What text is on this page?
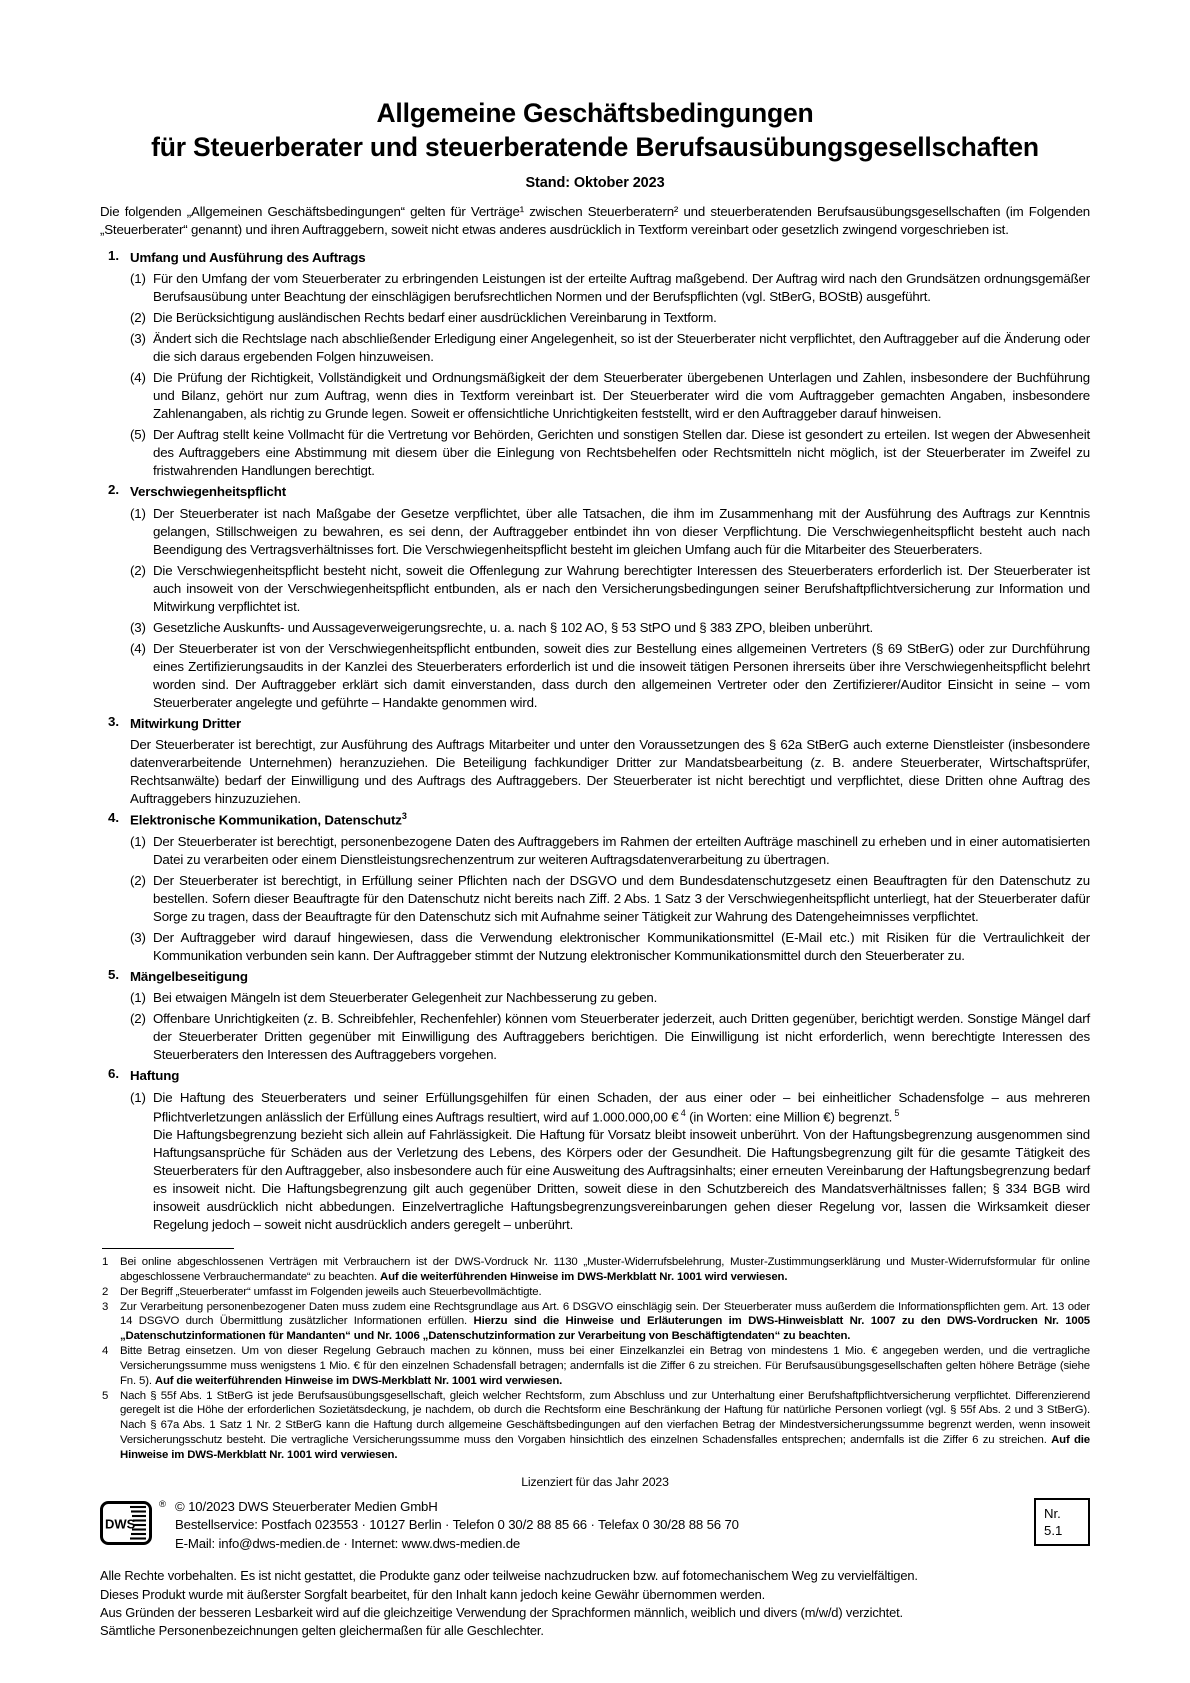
Allgemeine Geschäftsbedingungen
für Steuerberater und steuerberatende Berufsausübungsgesellschaften
Stand: Oktober 2023

Die folgenden „Allgemeinen Geschäftsbedingungen“ gelten für Verträge¹ zwischen Steuerberatern² und steuerberatenden Berufsausübungsgesellschaften (im Folgenden „Steuerberater“ genannt) und ihren Auftraggebern, soweit nicht etwas anderes ausdrücklich in Textform vereinbart oder gesetzlich zwingend vorgeschrieben ist.

1. Umfang und Ausführung des Auftrags
(1) Für den Umfang der vom Steuerberater zu erbringenden Leistungen ist der erteilte Auftrag maßgebend. Der Auftrag wird nach den Grundsätzen ordnungsgemäßer Berufsausübung unter Beachtung der einschlägigen berufsrechtlichen Normen und der Berufspflichten (vgl. StBerG, BOStB) ausgeführt.
(2) Die Berücksichtigung ausländischen Rechts bedarf einer ausdrücklichen Vereinbarung in Textform.
(3) Ändert sich die Rechtslage nach abschließender Erledigung einer Angelegenheit, so ist der Steuerberater nicht verpflichtet, den Auftraggeber auf die Änderung oder die sich daraus ergebenden Folgen hinzuweisen.
(4) Die Prüfung der Richtigkeit, Vollständigkeit und Ordnungsmäßigkeit der dem Steuerberater übergebenen Unterlagen und Zahlen, insbesondere der Buchführung und Bilanz, gehört nur zum Auftrag, wenn dies in Textform vereinbart ist. Der Steuerberater wird die vom Auftraggeber gemachten Angaben, insbesondere Zahlenangaben, als richtig zu Grunde legen. Soweit er offensichtliche Unrichtigkeiten feststellt, wird er den Auftraggeber darauf hinweisen.
(5) Der Auftrag stellt keine Vollmacht für die Vertretung vor Behörden, Gerichten und sonstigen Stellen dar. Diese ist gesondert zu erteilen. Ist wegen der Abwesenheit des Auftraggebers eine Abstimmung mit diesem über die Einlegung von Rechtsbehelfen oder Rechtsmitteln nicht möglich, ist der Steuerberater im Zweifel zu fristwahrenden Handlungen berechtigt.
2. Verschwiegenheitspflicht
(1) Der Steuerberater ist nach Maßgabe der Gesetze verpflichtet, über alle Tatsachen, die ihm im Zusammenhang mit der Ausführung des Auftrags zur Kenntnis gelangen, Stillschweigen zu bewahren, es sei denn, der Auftraggeber entbindet ihn von dieser Verpflichtung. Die Verschwiegenheitspflicht besteht auch nach Beendigung des Vertragsverhältnisses fort. Die Verschwiegenheitspflicht besteht im gleichen Umfang auch für die Mitarbeiter des Steuerberaters.
(2) Die Verschwiegenheitspflicht besteht nicht, soweit die Offenlegung zur Wahrung berechtigter Interessen des Steuerberaters erforderlich ist. Der Steuerberater ist auch insoweit von der Verschwiegenheitspflicht entbunden, als er nach den Versicherungsbedingungen seiner Berufshaftpflichtversicherung zur Information und Mitwirkung verpflichtet ist.
(3) Gesetzliche Auskunfts- und Aussageverweigerungsrechte, u. a. nach § 102 AO, § 53 StPO und § 383 ZPO, bleiben unberührt.
(4) Der Steuerberater ist von der Verschwiegenheitspflicht entbunden, soweit dies zur Bestellung eines allgemeinen Vertreters (§ 69 StBerG) oder zur Durchführung eines Zertifizierungsaudits in der Kanzlei des Steuerberaters erforderlich ist und die insoweit tätigen Personen ihrerseits über ihre Verschwiegenheitspflicht belehrt worden sind. Der Auftraggeber erklärt sich damit einverstanden, dass durch den allgemeinen Vertreter oder den Zertifizierer/Auditor Einsicht in seine – vom Steuerberater angelegte und geführte – Handakte genommen wird.
3. Mitwirkung Dritter
Der Steuerberater ist berechtigt, zur Ausführung des Auftrags Mitarbeiter und unter den Voraussetzungen des § 62a StBerG auch externe Dienstleister (insbesondere datenverarbeitende Unternehmen) heranzuziehen. Die Beteiligung fachkundiger Dritter zur Mandatsbearbeitung (z. B. andere Steuerberater, Wirtschaftsprüfer, Rechtsanwälte) bedarf der Einwilligung und des Auftrags des Auftraggebers. Der Steuerberater ist nicht berechtigt und verpflichtet, diese Dritten ohne Auftrag des Auftraggebers hinzuzuziehen.
4. Elektronische Kommunikation, Datenschutz$^3$
(1) Der Steuerberater ist berechtigt, personenbezogene Daten des Auftraggebers im Rahmen der erteilten Aufträge maschinell zu erheben und in einer automatisierten Datei zu verarbeiten oder einem Dienstleistungsrechenzentrum zur weiteren Auftragsdatenverarbeitung zu übertragen.
(2) Der Steuerberater ist berechtigt, in Erfüllung seiner Pflichten nach der DSGVO und dem Bundesdatenschutzgesetz einen Beauftragten für den Datenschutz zu bestellen. Sofern dieser Beauftragte für den Datenschutz nicht bereits nach Ziff. 2 Abs. 1 Satz 3 der Verschwiegenheitspflicht unterliegt, hat der Steuerberater dafür Sorge zu tragen, dass der Beauftragte für den Datenschutz sich mit Aufnahme seiner Tätigkeit zur Wahrung des Datengeheimnisses verpflichtet.
(3) Der Auftraggeber wird darauf hingewiesen, dass die Verwendung elektronischer Kommunikationsmittel (E-Mail etc.) mit Risiken für die Vertraulichkeit der Kommunikation verbunden sein kann. Der Auftraggeber stimmt der Nutzung elektronischer Kommunikationsmittel durch den Steuerberater zu.
5. Mängelbeseitigung
(1) Bei etwaigen Mängeln ist dem Steuerberater Gelegenheit zur Nachbesserung zu geben.
(2) Offenbare Unrichtigkeiten (z. B. Schreibfehler, Rechenfehler) können vom Steuerberater jederzeit, auch Dritten gegenüber, berichtigt werden. Sonstige Mängel darf der Steuerberater Dritten gegenüber mit Einwilligung des Auftraggebers berichtigen. Die Einwilligung ist nicht erforderlich, wenn berechtigte Interessen des Steuerberaters den Interessen des Auftraggebers vorgehen.
6. Haftung
(1) Die Haftung des Steuerberaters und seiner Erfüllungsgehilfen für einen Schaden, der aus einer oder – bei einheitlicher Schadensfolge – aus mehreren Pflichtverletzungen anlässlich der Erfüllung eines Auftrags resultiert, wird auf 1.000.000,00 € $^4$ (in Worten: eine Million €) begrenzt. $^5$
Die Haftungsbegrenzung bezieht sich allein auf Fahrlässigkeit. Die Haftung für Vorsatz bleibt insoweit unberührt. Von der Haftungsbegrenzung ausgenommen sind Haftungsansprüche für Schäden aus der Verletzung des Lebens, des Körpers oder der Gesundheit. Die Haftungsbegrenzung gilt für die gesamte Tätigkeit des Steuerberaters für den Auftraggeber, also insbesondere auch für eine Ausweitung des Auftragsinhalts; einer erneuten Vereinbarung der Haftungsbegrenzung bedarf es insoweit nicht. Die Haftungsbegrenzung gilt auch gegenüber Dritten, soweit diese in den Schutzbereich des Mandatsverhältnisses fallen; § 334 BGB wird insoweit ausdrücklich nicht abbedungen. Einzelvertragliche Haftungsbegrenzungsvereinbarungen gehen dieser Regelung vor, lassen die Wirksamkeit dieser Regelung jedoch – soweit nicht ausdrücklich anders geregelt – unberührt.
1 Bei online abgeschlossenen Verträgen mit Verbrauchern ist der DWS-Vordruck Nr. 1130 „Muster-Widerrufsbelehrung, Muster-Zustimmungserklärung und Muster-Widerrufsformular für online abgeschlossene Verbrauchermandate“ zu beachten. Auf die weiterführenden Hinweise im DWS-Merkblatt Nr. 1001 wird verwiesen.
2 Der Begriff „Steuerberater“ umfasst im Folgenden jeweils auch Steuerbevollmächtigte.
3 Zur Verarbeitung personenbezogener Daten muss zudem eine Rechtsgrundlage aus Art. 6 DSGVO einschlägig sein. Der Steuerberater muss außerdem die Informationspflichten gem. Art. 13 oder 14 DSGVO durch Übermittlung zusätzlicher Informationen erfüllen. Hierzu sind die Hinweise und Erläuterungen im DWS-Hinweisblatt Nr. 1007 zu den DWS-Vordrucken Nr. 1005 „Datenschutzinformationen für Mandanten“ und Nr. 1006 „Datenschutzinformation zur Verarbeitung von Beschäftigtendaten“ zu beachten.
4 Bitte Betrag einsetzen. Um von dieser Regelung Gebrauch machen zu können, muss bei einer Einzelkanzlei ein Betrag von mindestens 1 Mio. € angegeben werden, und die vertragliche Versicherungssumme muss wenigstens 1 Mio. € für den einzelnen Schadensfall betragen; andernfalls ist die Ziffer 6 zu streichen. Für Berufsausübungsgesellschaften gelten höhere Beträge (siehe Fn. 5). Auf die weiterführenden Hinweise im DWS-Merkblatt Nr. 1001 wird verwiesen.
5 Nach § 55f Abs. 1 StBerG ist jede Berufsausübungsgesellschaft, gleich welcher Rechtsform, zum Abschluss und zur Unterhaltung einer Berufshaftpflichtversicherung verpflichtet. Differenzierend geregelt ist die Höhe der erforderlichen Sozietätsdeckung, je nachdem, ob durch die Rechtsform eine Beschränkung der Haftung für natürliche Personen vorliegt (vgl. § 55f Abs. 2 und 3 StBerG). Nach § 67a Abs. 1 Satz 1 Nr. 2 StBerG kann die Haftung durch allgemeine Geschäftsbedingungen auf den vierfachen Betrag der Mindestversicherungssumme begrenzt werden, wenn insoweit Versicherungsschutz besteht. Die vertragliche Versicherungssumme muss den Vorgaben hinsichtlich des einzelnen Schadensfalles entsprechen; andernfalls ist die Ziffer 6 zu streichen. Auf die Hinweise im DWS-Merkblatt Nr. 1001 wird verwiesen.
Lizenziert für das Jahr 2023
DWS
® © 10/2023 DWS Steuerberater Medien GmbH
Bestellservice: Postfach 023553 · 10127 Berlin · Telefon 0 30/2 88 85 66 · Telefax 0 30/28 88 56 70
E-Mail: info@dws-medien.de · Internet: www.dws-medien.de
Nr.
5.1
Alle Rechte vorbehalten. Es ist nicht gestattet, die Produkte ganz oder teilweise nachzudrucken bzw. auf fotomechanischem Weg zu vervielfältigen.
Dieses Produkt wurde mit äußerster Sorgfalt bearbeitet, für den Inhalt kann jedoch keine Gewähr übernommen werden.
Aus Gründen der besseren Lesbarkeit wird auf die gleichzeitige Verwendung der Sprachformen männlich, weiblich und divers (m/w/d) verzichtet.
Sämtliche Personenbezeichnungen gelten gleichermaßen für alle Geschlechter.
